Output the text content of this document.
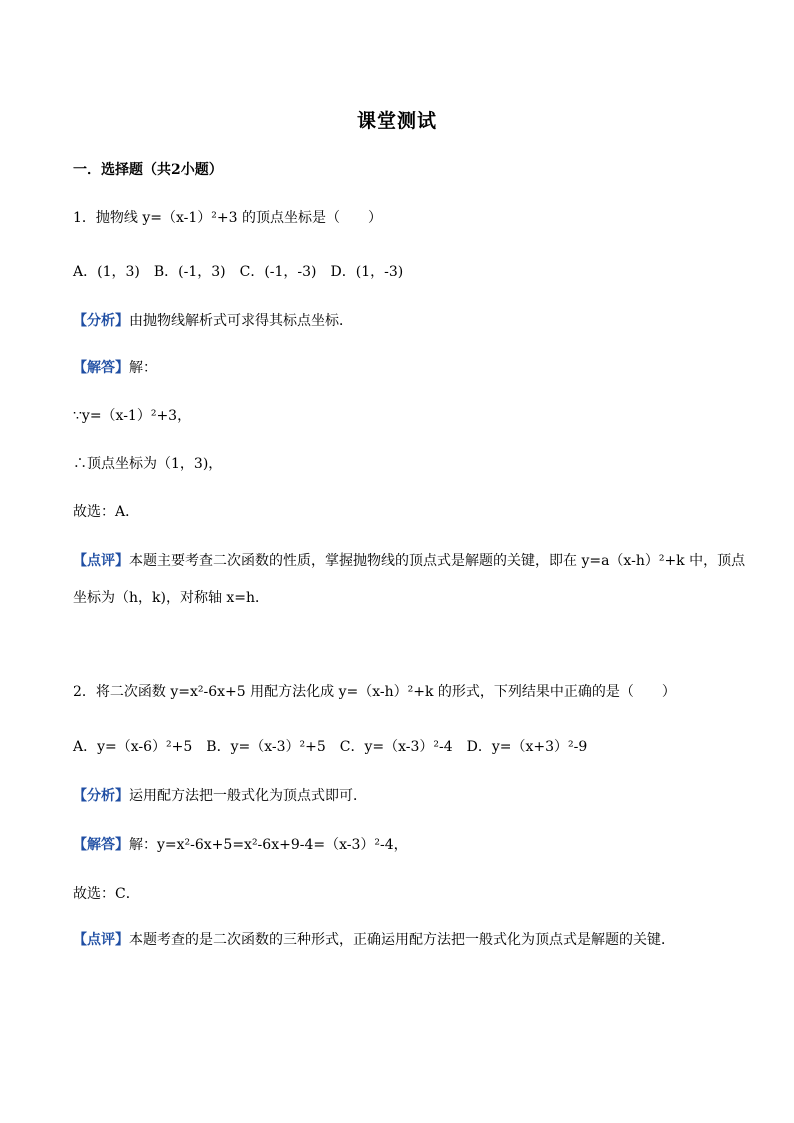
课堂测试
一．选择题（共2小题）
1．抛物线 y=（x-1）²+3 的顶点坐标是（　　）
A．(1，3)　B．(-1，3)　C．(-1，-3)　D．(1，-3)
【分析】由抛物线解析式可求得其标点坐标．
【解答】解：
∵y=（x-1）²+3，
∴顶点坐标为（1，3)，
故选：A．
【点评】本题主要考查二次函数的性质，掌握抛物线的顶点式是解题的关键，即在 y=a（x-h）²+k 中，顶点
坐标为（h，k)，对称轴 x=h．
2．将二次函数 y=x²-6x+5 用配方法化成 y=（x-h）²+k 的形式，下列结果中正确的是（　　）
A．y=（x-6）²+5　B．y=（x-3）²+5　C．y=（x-3）²-4　D．y=（x+3）²-9
【分析】运用配方法把一般式化为顶点式即可．
【解答】解：y=x²-6x+5=x²-6x+9-4=（x-3）²-4，
故选：C．
【点评】本题考查的是二次函数的三种形式，正确运用配方法把一般式化为顶点式是解题的关键．
